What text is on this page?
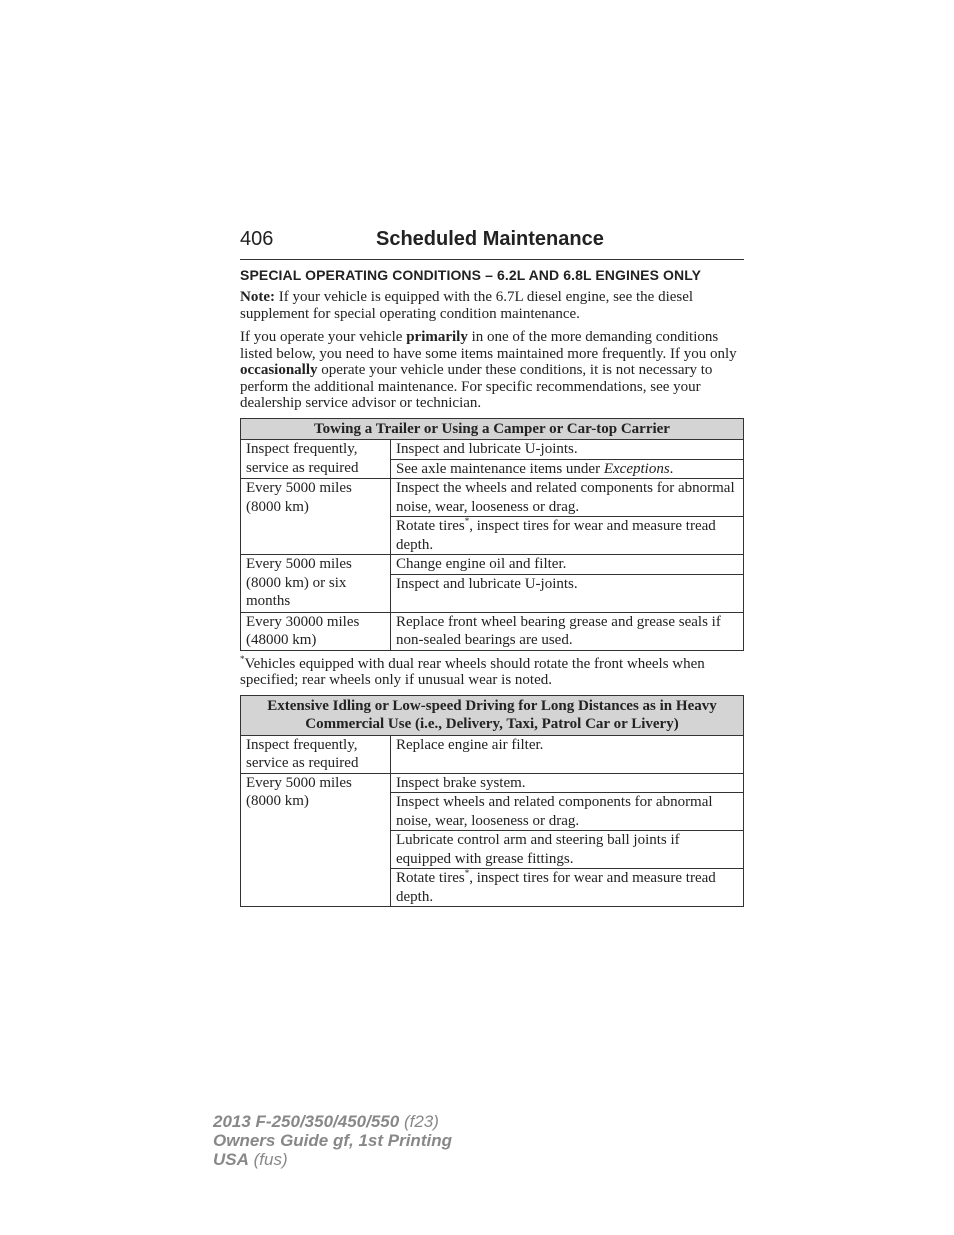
406	Scheduled Maintenance
SPECIAL OPERATING CONDITIONS – 6.2L AND 6.8L ENGINES ONLY

Note: If your vehicle is equipped with the 6.7L diesel engine, see the diesel supplement for special operating condition maintenance.

If you operate your vehicle primarily in one of the more demanding conditions listed below, you need to have some items maintained more frequently. If you only occasionally operate your vehicle under these conditions, it is not necessary to perform the additional maintenance. For specific recommendations, see your dealership service advisor or technician.

Towing a Trailer or Using a Camper or Car-top Carrier	
Inspect frequently, service as required	Inspect and lubricate U-joints.
	See axle maintenance items under Exceptions.
Every 5000 miles (8000 km)	Inspect the wheels and related components for abnormal noise, wear, looseness or drag.
	Rotate tires*, inspect tires for wear and measure tread depth.
Every 5000 miles (8000 km) or six months	Change engine oil and filter.
	Inspect and lubricate U-joints.
Every 30000 miles (48000 km)	Replace front wheel bearing grease and grease seals if non-sealed bearings are used.

*Vehicles equipped with dual rear wheels should rotate the front wheels when specified; rear wheels only if unusual wear is noted.

Extensive Idling or Low-speed Driving for Long Distances as in Heavy Commercial Use (i.e., Delivery, Taxi, Patrol Car or Livery)	
Inspect frequently, service as required	Replace engine air filter.
Every 5000 miles (8000 km)	Inspect brake system.
	Inspect wheels and related components for abnormal noise, wear, looseness or drag.
	Lubricate control arm and steering ball joints if equipped with grease fittings.
	Rotate tires*, inspect tires for wear and measure tread depth.
2013 F-250/350/450/550 (f23)
Owners Guide gf, 1st Printing
USA (fus)
